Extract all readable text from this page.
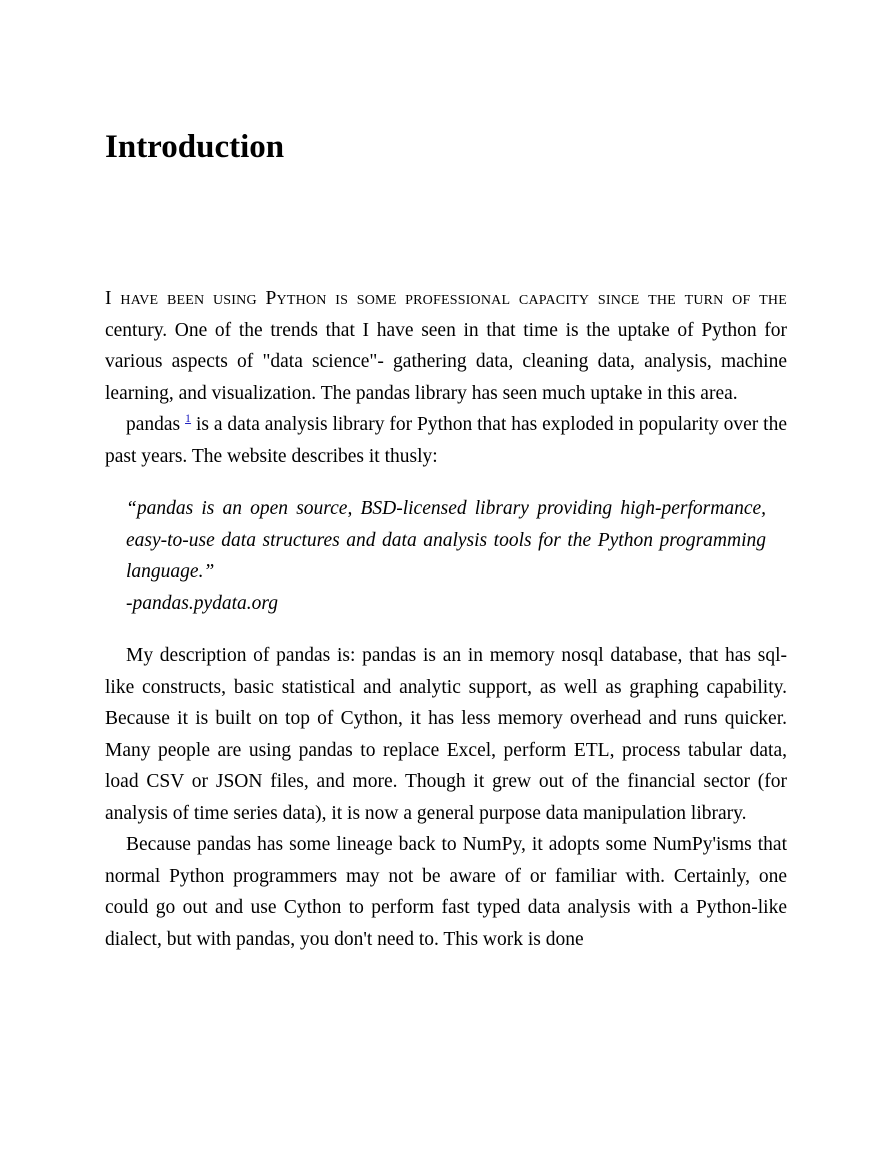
Introduction

I have been using Python is some professional capacity since the turn of the century. One of the trends that I have seen in that time is the uptake of Python for various aspects of "data science"- gathering data, cleaning data, analysis, machine learning, and visualization. The pandas library has seen much uptake in this area.

pandas $^1$ is a data analysis library for Python that has exploded in popularity over the past years. The website describes it thusly:

“pandas is an open source, BSD-licensed library providing high-performance, easy-to-use data structures and data analysis tools for the Python programming language.”

-pandas.pydata.org

My description of pandas is: pandas is an in memory nosql database, that has sql-like constructs, basic statistical and analytic support, as well as graphing capability. Because it is built on top of Cython, it has less memory overhead and runs quicker. Many people are using pandas to replace Excel, perform ETL, process tabular data, load CSV or JSON files, and more. Though it grew out of the financial sector (for analysis of time series data), it is now a general purpose data manipulation library.

Because pandas has some lineage back to NumPy, it adopts some NumPy'isms that normal Python programmers may not be aware of or familiar with. Certainly, one could go out and use Cython to perform fast typed data analysis with a Python-like dialect, but with pandas, you don't need to. This work is done
